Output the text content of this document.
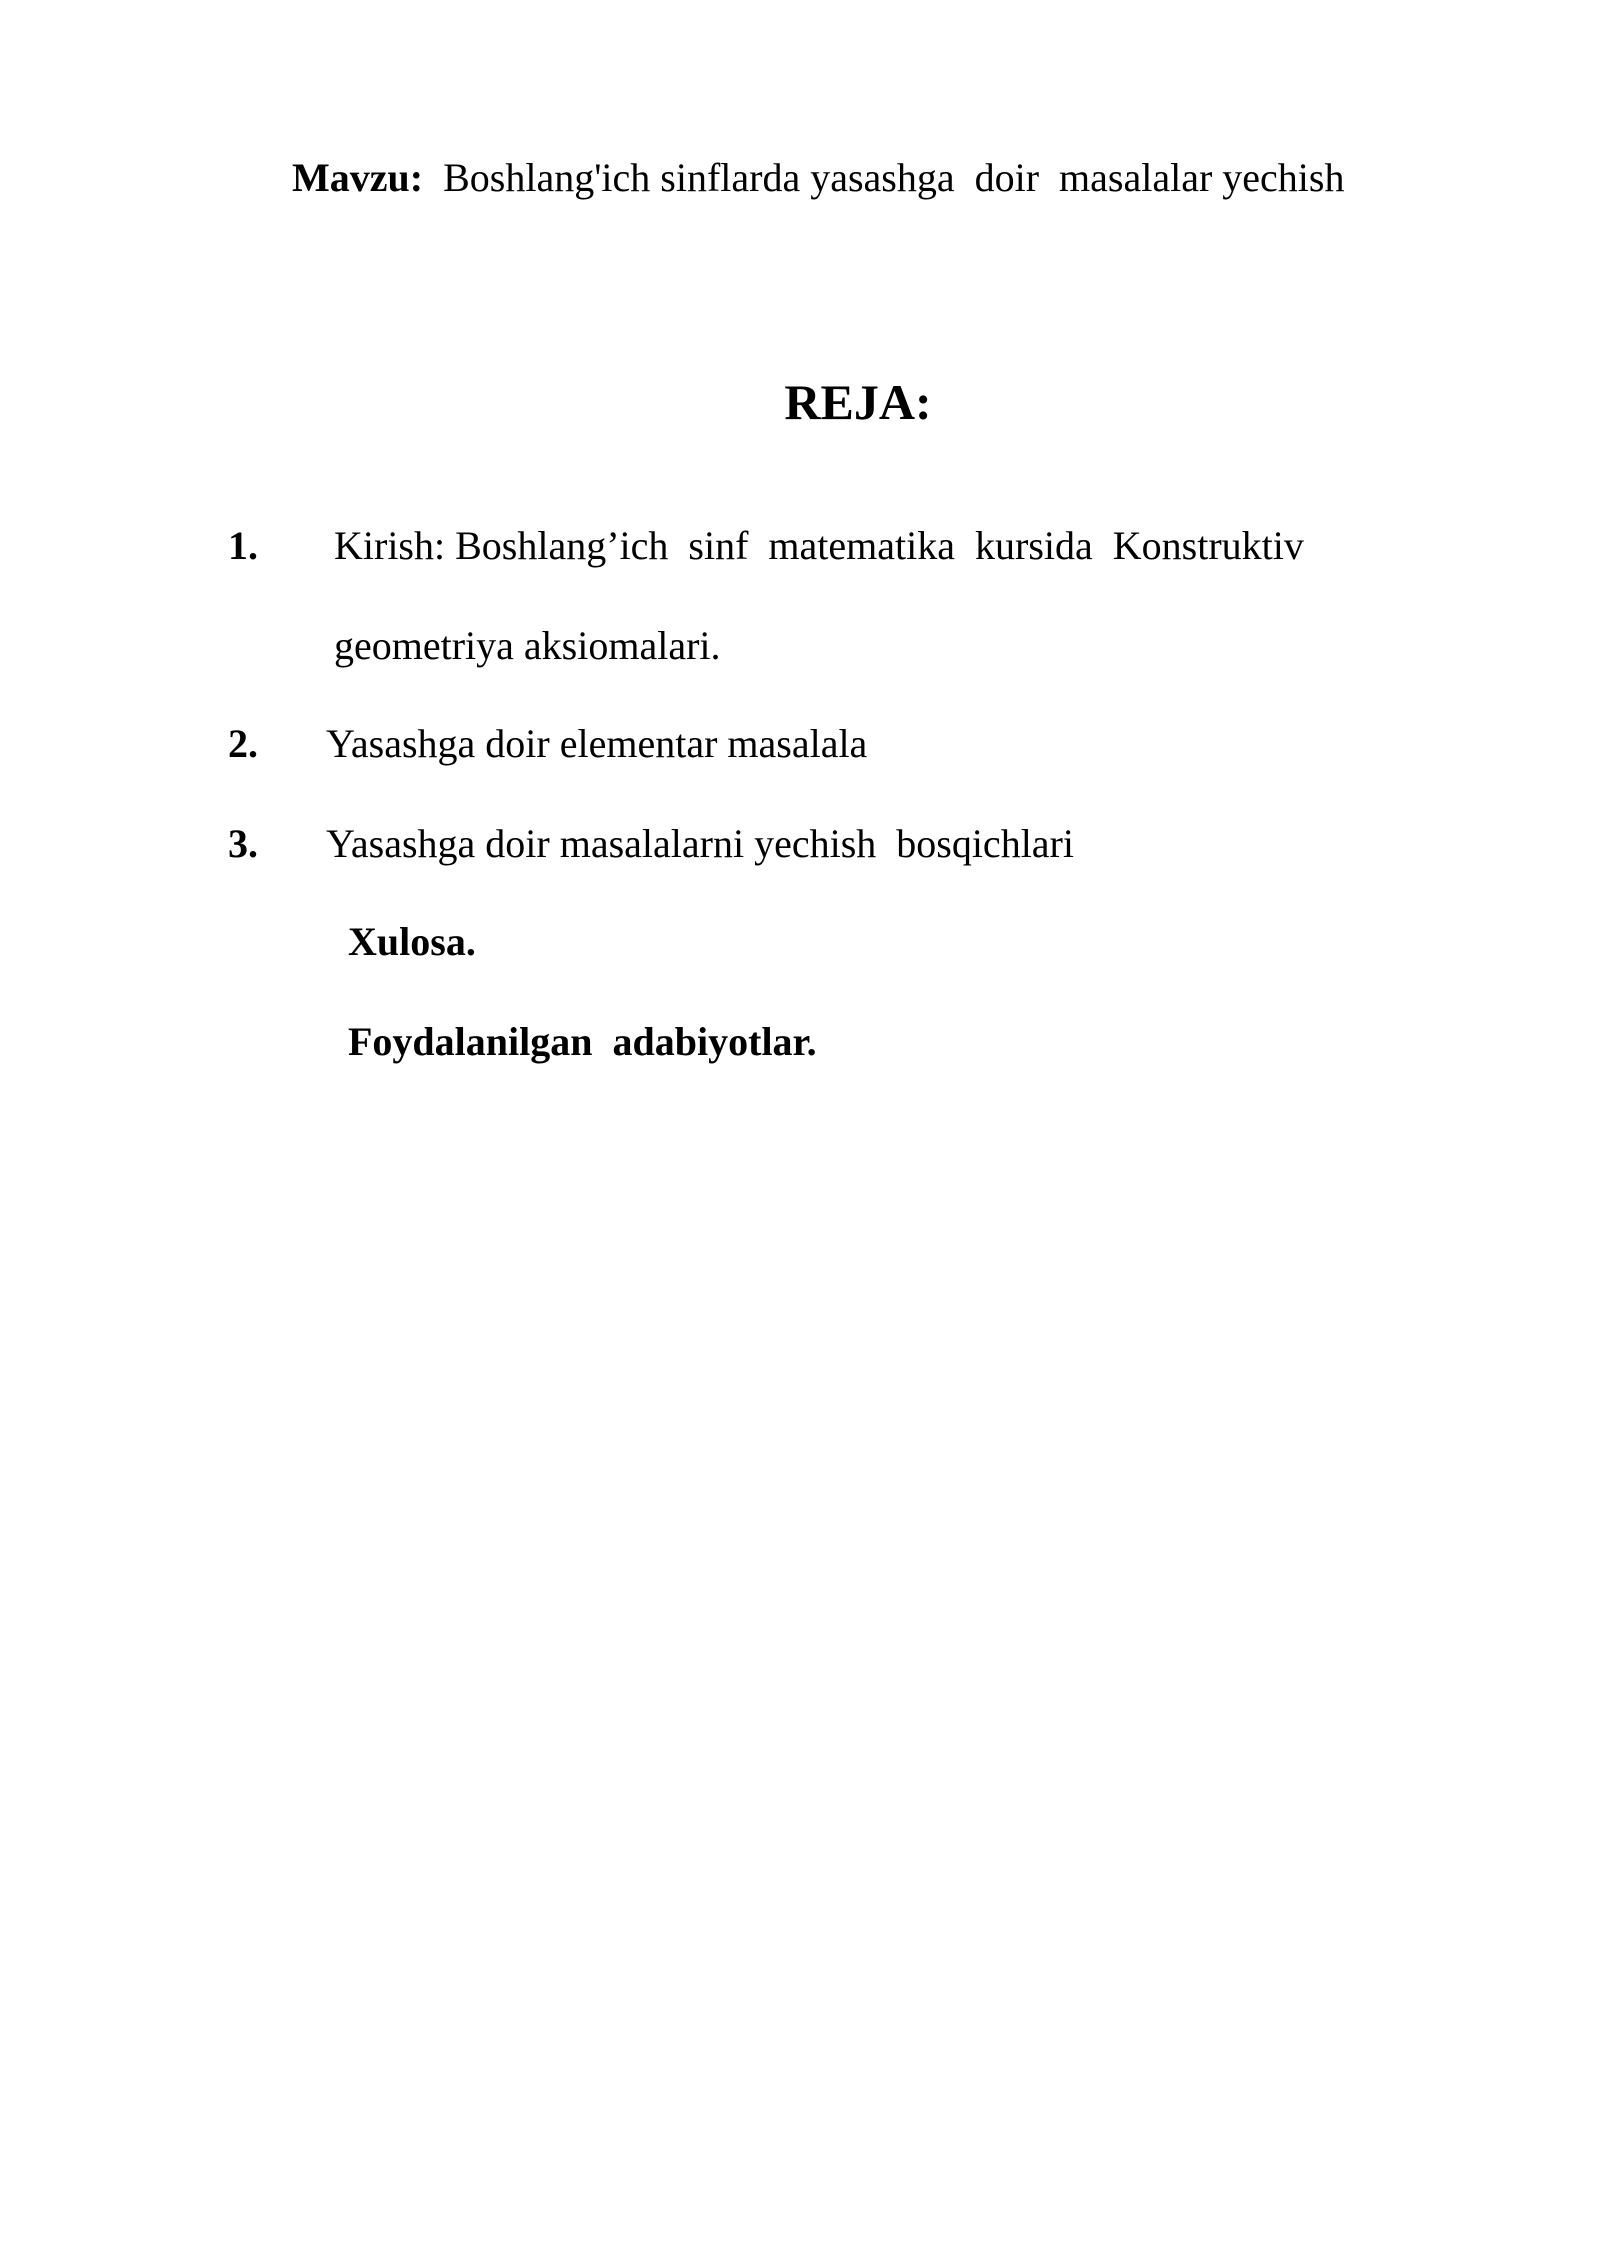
Mavzu:  Boshlang'ich sinflarda yasashga  doir  masalalar yechish
REJA:
1. Kirish: Boshlang’ich  sinf  matematika  kursida  Konstruktiv
geometriya aksiomalari.
2. Yasashga doir elementar masalala
3. Yasashga doir masalalarni yechish  bosqichlari
Xulosa.
Foydalanilgan  adabiyotlar.
